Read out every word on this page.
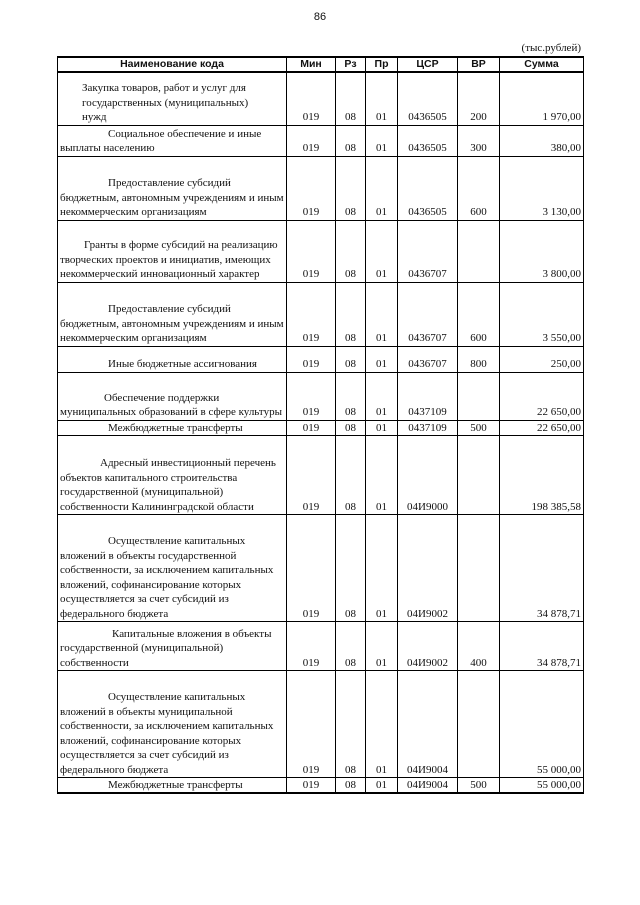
86
(тыс.рублей)
Наименование кода	Мин	Рз	Пр	ЦСР	ВР	Сумма
Закупка товаров, работ и услуг для государственных (муниципальных) нужд	019	08	01	0436505	200	1 970,00
Социальное обеспечение и иные выплаты населению	019	08	01	0436505	300	380,00
Предоставление субсидий бюджетным, автономным учреждениям и иным некоммерческим организациям	019	08	01	0436505	600	3 130,00
Гранты в форме субсидий на реализацию творческих проектов и инициатив, имеющих некоммерческий инновационный характер	019	08	01	0436707		3 800,00
Предоставление субсидий бюджетным, автономным учреждениям и иным некоммерческим организациям	019	08	01	0436707	600	3 550,00
Иные бюджетные ассигнования	019	08	01	0436707	800	250,00
Обеспечение поддержки муниципальных образований в сфере культуры	019	08	01	0437109		22 650,00
Межбюджетные трансферты	019	08	01	0437109	500	22 650,00
Адресный инвестиционный перечень объектов капитального строительства государственной (муниципальной) собственности Калининградской области	019	08	01	04И9000		198 385,58
Осуществление капитальных вложений в объекты государственной собственности, за исключением капитальных вложений, софинансирование которых осуществляется за счет субсидий из федерального бюджета	019	08	01	04И9002		34 878,71
Капитальные вложения в объекты государственной (муниципальной) собственности	019	08	01	04И9002	400	34 878,71
Осуществление капитальных вложений в объекты муниципальной собственности, за исключением капитальных вложений, софинансирование которых осуществляется за счет субсидий из федерального бюджета	019	08	01	04И9004		55 000,00
Межбюджетные трансферты	019	08	01	04И9004	500	55 000,00
